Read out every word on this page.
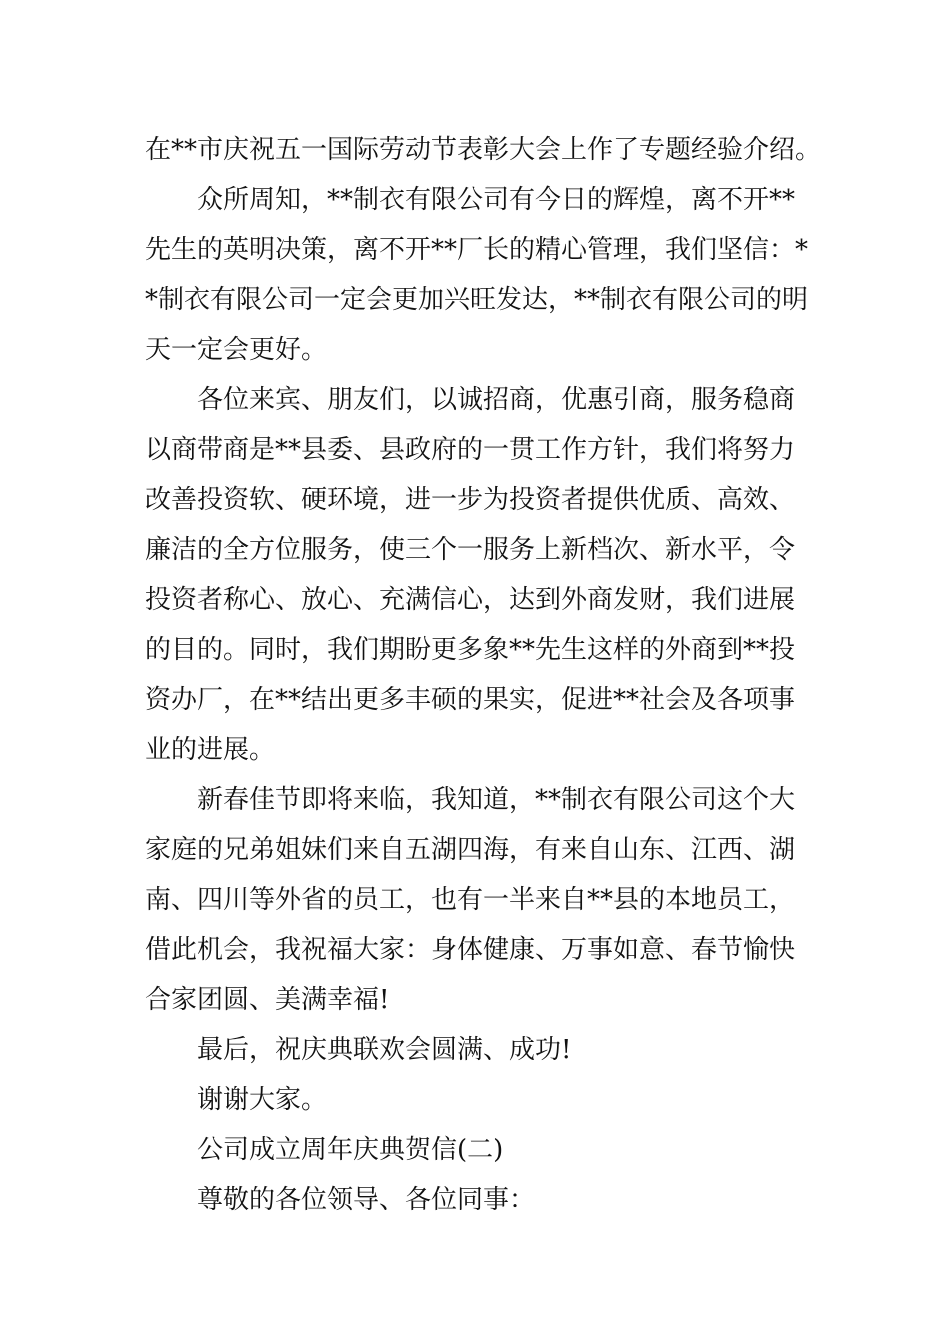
在**市庆祝五一国际劳动节表彰大会上作了专题经验介绍。
众所周知，**制衣有限公司有今日的辉煌，离不开**
先生的英明决策，离不开**厂长的精心管理，我们坚信：*
*制衣有限公司一定会更加兴旺发达，**制衣有限公司的明
天一定会更好。
各位来宾、朋友们，以诚招商，优惠引商，服务稳商
以商带商是**县委、县政府的一贯工作方针，我们将努力
改善投资软、硬环境，进一步为投资者提供优质、高效、
廉洁的全方位服务，使三个一服务上新档次、新水平，令
投资者称心、放心、充满信心，达到外商发财，我们进展
的目的。同时，我们期盼更多象**先生这样的外商到**投
资办厂，在**结出更多丰硕的果实，促进**社会及各项事
业的进展。
新春佳节即将来临，我知道，**制衣有限公司这个大
家庭的兄弟姐妹们来自五湖四海，有来自山东、江西、湖
南、四川等外省的员工，也有一半来自**县的本地员工，
借此机会，我祝福大家：身体健康、万事如意、春节愉快
合家团圆、美满幸福!
最后，祝庆典联欢会圆满、成功!
谢谢大家。
公司成立周年庆典贺信(二)
尊敬的各位领导、各位同事：
